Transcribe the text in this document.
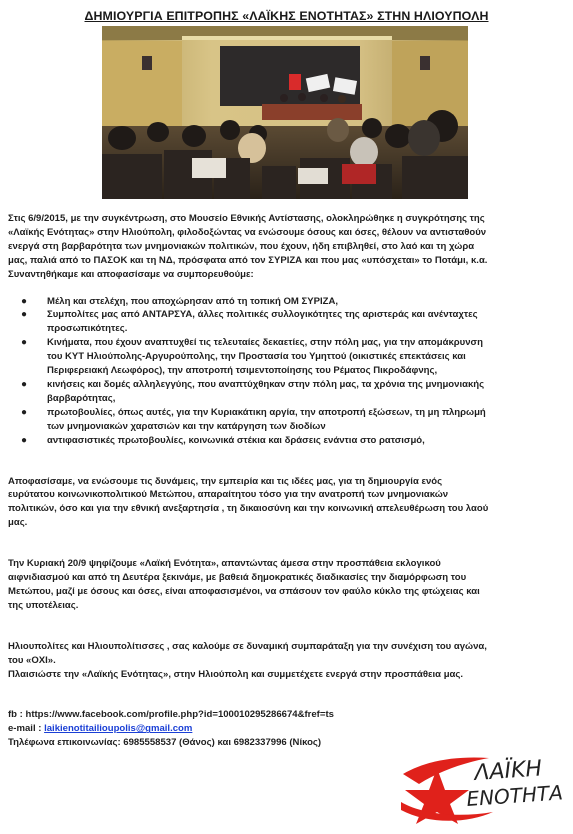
ΔΗΜΙΟΥΡΓΙΑ ΕΠΙΤΡΟΠΗΣ «ΛΑΪΚΗΣ ΕΝΟΤΗΤΑΣ» ΣΤΗΝ ΗΛΙΟΥΠΟΛΗ

Στις 6/9/2015, με την συγκέντρωση, στο Μουσείο Εθνικής Αντίστασης, ολοκληρώθηκε η συγκρότησης της
«Λαϊκής Ενότητας» στην Ηλιούπολη, φιλοδοξώντας να ενώσουμε όσους και όσες, θέλουν να αντισταθούν
ενεργά στη βαρβαρότητα των μνημονιακών πολιτικών, που έχουν, ήδη επιβληθεί, στο λαό και τη χώρα
μας, παλιά από το ΠΑΣΟΚ και τη ΝΔ, πρόσφατα από τον ΣΥΡΙΖΑ και που μας «υπόσχεται» το Ποτάμι, κ.α.
Συναντηθήκαμε και αποφασίσαμε να συμπορευθούμε:

● Μέλη και στελέχη, που αποχώρησαν από τη τοπική ΟΜ ΣΥΡΙΖΑ,
● Συμπολίτες μας από ΑΝΤΑΡΣΥΑ, άλλες πολιτικές συλλογικότητες της αριστεράς και ανένταχτες
προσωπικότητες.
● Κινήματα, που έχουν αναπτυχθεί τις τελευταίες δεκαετίες, στην πόλη μας, για την απομάκρυνση
του ΚΥΤ Ηλιούπολης-Αργυρούπολης, την Προστασία του Υμηττού (οικιστικές επεκτάσεις και
Περιφερειακή Λεωφόρος), την αποτροπή τσιμεντοποίησης του Ρέματος Πικροδάφνης,
● κινήσεις και δομές αλληλεγγύης, που αναπτύχθηκαν στην πόλη μας, τα χρόνια της μνημονιακής
βαρβαρότητας,
● πρωτοβουλίες, όπως αυτές, για την Κυριακάτικη αργία, την αποτροπή εξώσεων, τη μη πληρωμή
των μνημονιακών χαρατσιών και την κατάργηση των διοδίων
● αντιφασιστικές πρωτοβουλίες, κοινωνικά στέκια και δράσεις ενάντια στο ρατσισμό,

Αποφασίσαμε, να ενώσουμε τις δυνάμεις, την εμπειρία και τις ιδέες μας, για τη δημιουργία ενός
ευρύτατου κοινωνικοπολιτικού Μετώπου, απαραίτητου τόσο για την ανατροπή των μνημονιακών
πολιτικών, όσο και για την εθνική ανεξαρτησία , τη δικαιοσύνη και την κοινωνική απελευθέρωση του λαού
μας.

Την Κυριακή 20/9 ψηφίζουμε «Λαϊκή Ενότητα», απαντώντας άμεσα στην προσπάθεια εκλογικού
αιφνιδιασμού και από τη Δευτέρα ξεκινάμε, με βαθειά δημοκρατικές διαδικασίες την διαμόρφωση του
Μετώπου, μαζί με όσους και όσες, είναι αποφασισμένοι, να σπάσουν τον φαύλο κύκλο της φτώχειας και
της υποτέλειας.

Ηλιουπολίτες και Ηλιουπολίτισσες , σας καλούμε σε δυναμική συμπαράταξη για την συνέχιση του αγώνα,
του «ΟΧΙ».
Πλαισιώστε την «Λαϊκής Ενότητας», στην Ηλιούπολη και συμμετέχετε ενεργά στην προσπάθεια μας.

fb : https://www.facebook.com/profile.php?id=100010295286674&fref=ts
e-mail : laikienotitailioupolis@gmail.com
Τηλέφωνα επικοινωνίας: 6985558537 (Θάνος) και 6982337996 (Νίκος)

ΛΑΪΚΗ
ΕΝΟΤΗΤΑ
